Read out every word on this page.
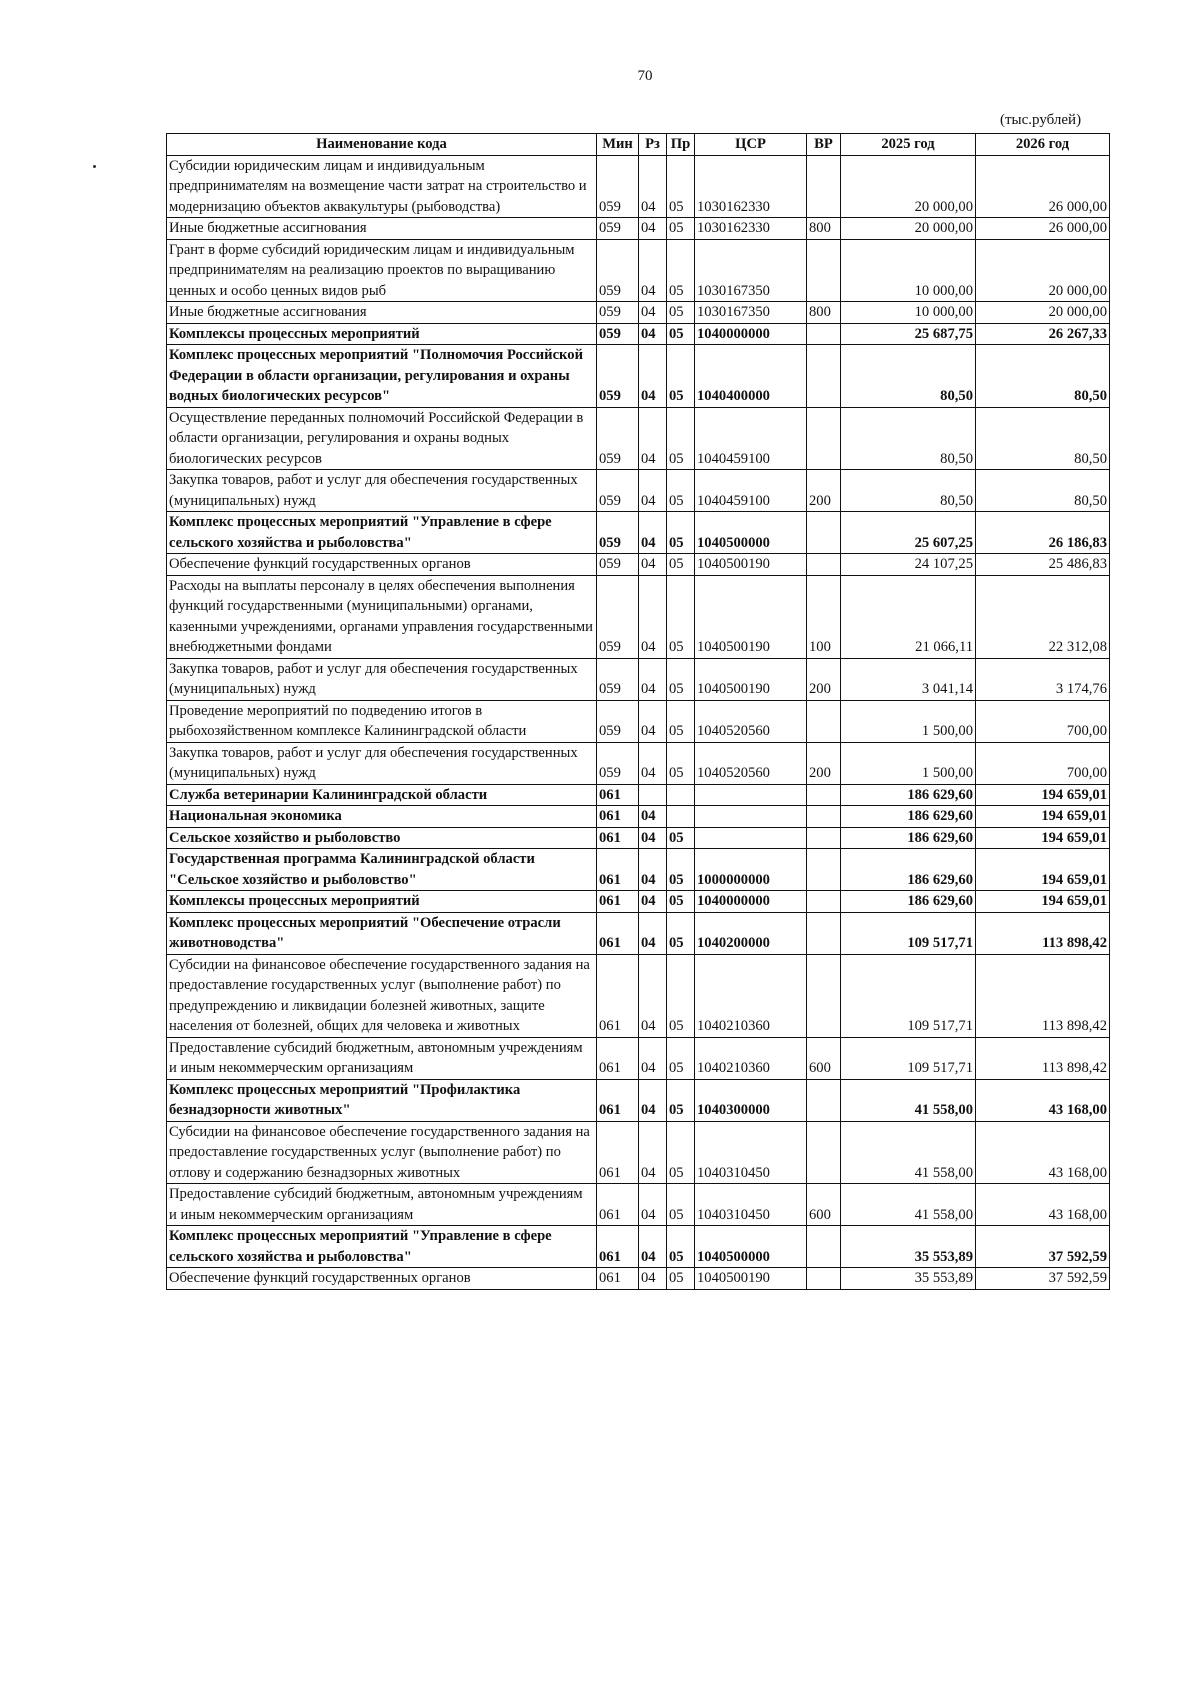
70
(тыс.рублей)
Наименование кода	Мин	Рз	Пр	ЦСР	ВР	2025 год	2026 год
Субсидии юридическим лицам и индивидуальным предпринимателям на возмещение части затрат на строительство и модернизацию объектов аквакультуры (рыбоводства)	059	04	05	1030162330		20 000,00	26 000,00
Иные бюджетные ассигнования	059	04	05	1030162330	800	20 000,00	26 000,00
Грант в форме субсидий юридическим лицам и индивидуальным предпринимателям на реализацию проектов по выращиванию ценных и особо ценных видов рыб	059	04	05	1030167350		10 000,00	20 000,00
Иные бюджетные ассигнования	059	04	05	1030167350	800	10 000,00	20 000,00
Комплексы процессных мероприятий	059	04	05	1040000000		25 687,75	26 267,33
Комплекс процессных мероприятий "Полномочия Российской Федерации в области организации, регулирования и охраны водных биологических ресурсов"	059	04	05	1040400000		80,50	80,50
Осуществление переданных полномочий Российской Федерации в области организации, регулирования и охраны водных биологических ресурсов	059	04	05	1040459100		80,50	80,50
Закупка товаров, работ и услуг для обеспечения государственных (муниципальных) нужд	059	04	05	1040459100	200	80,50	80,50
Комплекс процессных мероприятий "Управление в сфере сельского хозяйства и рыболовства"	059	04	05	1040500000		25 607,25	26 186,83
Обеспечение функций государственных органов	059	04	05	1040500190		24 107,25	25 486,83
Расходы на выплаты персоналу в целях обеспечения выполнения функций государственными (муниципальными) органами, казенными учреждениями, органами управления государственными внебюджетными фондами	059	04	05	1040500190	100	21 066,11	22 312,08
Закупка товаров, работ и услуг для обеспечения государственных (муниципальных) нужд	059	04	05	1040500190	200	3 041,14	3 174,76
Проведение мероприятий по подведению итогов в рыбохозяйственном комплексе Калининградской области	059	04	05	1040520560		1 500,00	700,00
Закупка товаров, работ и услуг для обеспечения государственных (муниципальных) нужд	059	04	05	1040520560	200	1 500,00	700,00
Служба ветеринарии Калининградской области	061					186 629,60	194 659,01
Национальная экономика	061	04				186 629,60	194 659,01
Сельское хозяйство и рыболовство	061	04	05			186 629,60	194 659,01
Государственная программа Калининградской области "Сельское хозяйство и рыболовство"	061	04	05	1000000000		186 629,60	194 659,01
Комплексы процессных мероприятий	061	04	05	1040000000		186 629,60	194 659,01
Комплекс процессных мероприятий "Обеспечение отрасли животноводства"	061	04	05	1040200000		109 517,71	113 898,42
Субсидии на финансовое обеспечение государственного задания на предоставление государственных услуг (выполнение работ) по предупреждению и ликвидации болезней животных, защите населения от болезней, общих для человека и животных	061	04	05	1040210360		109 517,71	113 898,42
Предоставление субсидий бюджетным, автономным учреждениям и иным некоммерческим организациям	061	04	05	1040210360	600	109 517,71	113 898,42
Комплекс процессных мероприятий "Профилактика безнадзорности животных"	061	04	05	1040300000		41 558,00	43 168,00
Субсидии на финансовое обеспечение государственного задания на предоставление государственных услуг (выполнение работ) по отлову и содержанию безнадзорных животных	061	04	05	1040310450		41 558,00	43 168,00
Предоставление субсидий бюджетным, автономным учреждениям и иным некоммерческим организациям	061	04	05	1040310450	600	41 558,00	43 168,00
Комплекс процессных мероприятий "Управление в сфере сельского хозяйства и рыболовства"	061	04	05	1040500000		35 553,89	37 592,59
Обеспечение функций государственных органов	061	04	05	1040500190		35 553,89	37 592,59
